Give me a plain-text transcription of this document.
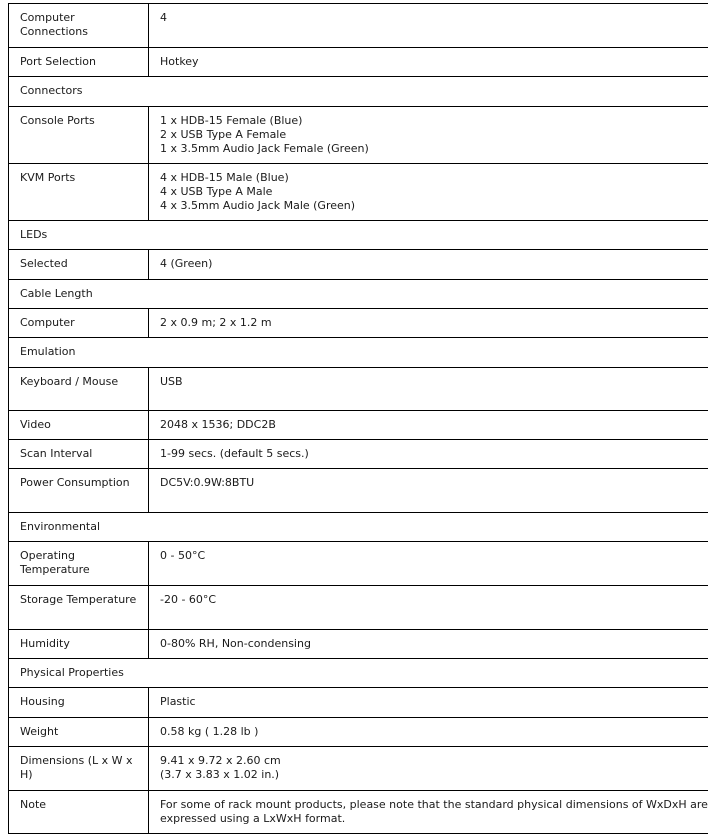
Computer Connections	4

Port Selection	Hotkey

Connectors	
Console Ports	1 x HDB-15 Female (Blue)
2 x USB Type A Female
1 x 3.5mm Audio Jack Female (Green)

KVM Ports	4 x HDB-15 Male (Blue)
4 x USB Type A Male
4 x 3.5mm Audio Jack Male (Green)

LEDs	
Selected	4 (Green)

Cable Length	
Computer	2 x 0.9 m; 2 x 1.2 m

Emulation	
Keyboard / Mouse	USB

Video	2048 x 1536; DDC2B

Scan Interval	1-99 secs. (default 5 secs.)

Power Consumption	DC5V:0.9W:8BTU

Environmental	
Operating Temperature	0 - 50°C

Storage Temperature	-20 - 60°C

Humidity	0-80% RH, Non-condensing

Physical Properties	
Housing	Plastic

Weight	0.58 kg ( 1.28 lb )

Dimensions (L x W x H)	9.41 x 9.72 x 2.60 cm
(3.7 x 3.83 x 1.02 in.)

Note	For some of rack mount products, please note that the standard physical dimensions of WxDxH are expressed using a LxWxH format.
